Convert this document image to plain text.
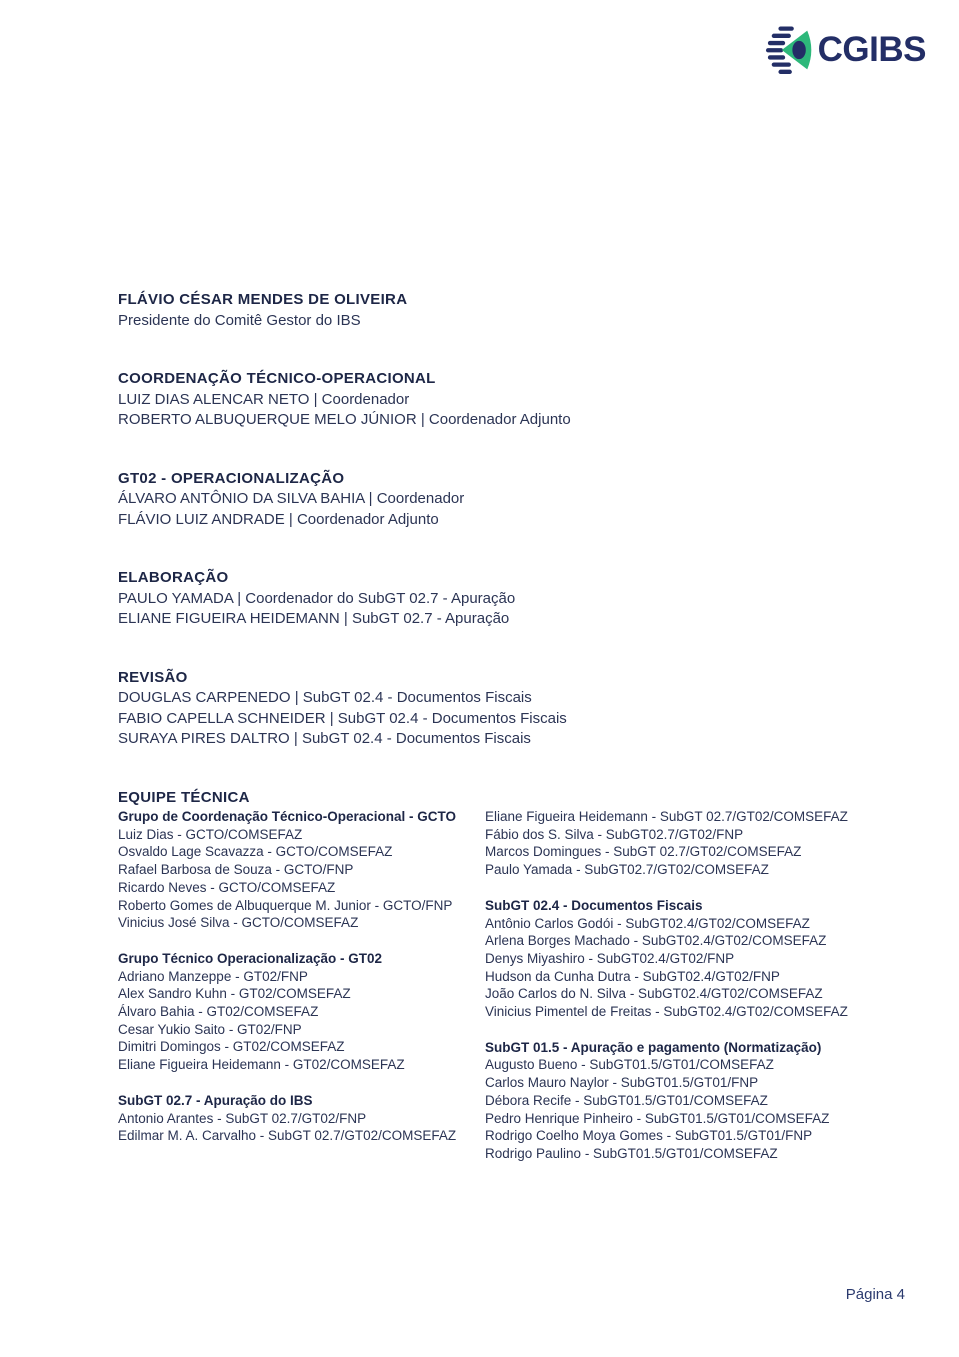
CGIBS
FLÁVIO CÉSAR MENDES DE OLIVEIRA

Presidente do Comitê Gestor do IBS

COORDENAÇÃO TÉCNICO-OPERACIONAL

LUIZ DIAS ALENCAR NETO | Coordenador

ROBERTO ALBUQUERQUE MELO JÚNIOR | Coordenador Adjunto

GT02 - OPERACIONALIZAÇÃO

ÁLVARO ANTÔNIO DA SILVA BAHIA | Coordenador

FLÁVIO LUIZ ANDRADE | Coordenador Adjunto

ELABORAÇÃO

PAULO YAMADA | Coordenador do SubGT 02.7 - Apuração

ELIANE FIGUEIRA HEIDEMANN | SubGT 02.7 - Apuração

REVISÃO

DOUGLAS CARPENEDO | SubGT 02.4 - Documentos Fiscais

FABIO CAPELLA SCHNEIDER | SubGT 02.4 - Documentos Fiscais

SURAYA PIRES DALTRO | SubGT 02.4 - Documentos Fiscais

EQUIPE TÉCNICA
Grupo de Coordenação Técnico-Operacional - GCTO

Luiz Dias - GCTO/COMSEFAZ

Osvaldo Lage Scavazza - GCTO/COMSEFAZ

Rafael Barbosa de Souza - GCTO/FNP

Ricardo Neves - GCTO/COMSEFAZ

Roberto Gomes de Albuquerque M. Junior - GCTO/FNP

Vinicius José Silva - GCTO/COMSEFAZ

Grupo Técnico Operacionalização - GT02

Adriano Manzeppe - GT02/FNP

Alex Sandro Kuhn - GT02/COMSEFAZ

Álvaro Bahia - GT02/COMSEFAZ

Cesar Yukio Saito - GT02/FNP

Dimitri Domingos - GT02/COMSEFAZ

Eliane Figueira Heidemann - GT02/COMSEFAZ

SubGT 02.7 - Apuração do IBS

Antonio Arantes - SubGT 02.7/GT02/FNP

Edilmar M. A. Carvalho - SubGT 02.7/GT02/COMSEFAZ

Eliane Figueira Heidemann - SubGT 02.7/GT02/COMSEFAZ

Fábio dos S. Silva - SubGT02.7/GT02/FNP

Marcos Domingues - SubGT 02.7/GT02/COMSEFAZ

Paulo Yamada - SubGT02.7/GT02/COMSEFAZ

SubGT 02.4 - Documentos Fiscais

Antônio Carlos Godói - SubGT02.4/GT02/COMSEFAZ

Arlena Borges Machado - SubGT02.4/GT02/COMSEFAZ

Denys Miyashiro - SubGT02.4/GT02/FNP

Hudson da Cunha Dutra - SubGT02.4/GT02/FNP

João Carlos do N. Silva - SubGT02.4/GT02/COMSEFAZ

Vinicius Pimentel de Freitas - SubGT02.4/GT02/COMSEFAZ

SubGT 01.5 - Apuração e pagamento (Normatização)

Augusto Bueno - SubGT01.5/GT01/COMSEFAZ

Carlos Mauro Naylor - SubGT01.5/GT01/FNP

Débora Recife - SubGT01.5/GT01/COMSEFAZ

Pedro Henrique Pinheiro - SubGT01.5/GT01/COMSEFAZ

Rodrigo Coelho Moya Gomes - SubGT01.5/GT01/FNP

Rodrigo Paulino - SubGT01.5/GT01/COMSEFAZ

Página 4
